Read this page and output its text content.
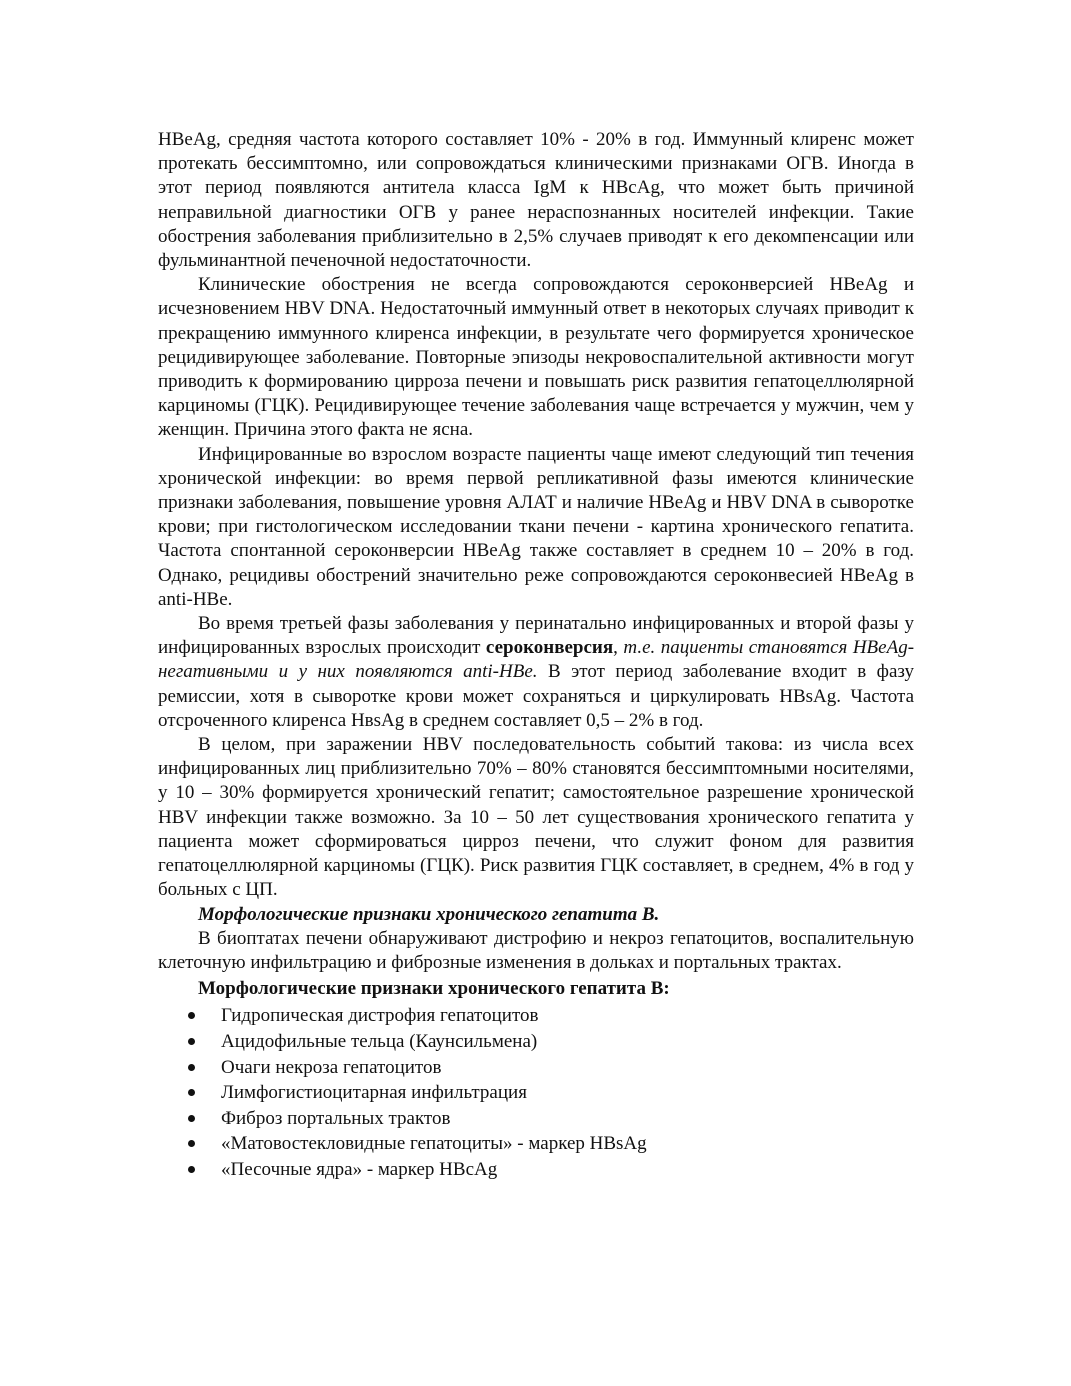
HBeAg, средняя частота которого составляет 10% - 20% в год. Иммунный клиренс может протекать бессимптомно, или сопровождаться клиническими признаками ОГВ. Иногда в этот период появляются антитела класса IgM к HBcAg, что может быть причиной неправильной диагностики ОГВ у ранее нераспознанных носителей инфекции. Такие обострения заболевания приблизительно в 2,5% случаев приводят к его декомпенсации или фульминантной печеночной недостаточности.

Клинические обострения не всегда сопровождаются сероконверсией HBeAg и исчезновением HBV DNA. Недостаточный иммунный ответ в некоторых случаях приводит к прекращению иммунного клиренса инфекции, в результате чего формируется хроническое рецидивирующее заболевание. Повторные эпизоды некровоспалительной активности могут приводить к формированию цирроза печени и повышать риск развития гепатоцеллюлярной карциномы (ГЦК). Рецидивирующее течение заболевания чаще встречается у мужчин, чем у женщин. Причина этого факта не ясна.

Инфицированные во взрослом возрасте пациенты чаще имеют следующий тип течения хронической инфекции: во время первой репликативной фазы имеются клинические признаки заболевания, повышение уровня АЛАТ и наличие HBeAg и HBV DNA в сыворотке крови; при гистологическом исследовании ткани печени - картина хронического гепатита. Частота спонтанной сероконверсии HBeAg также составляет в среднем 10 – 20% в год. Однако, рецидивы обострений значительно реже сопровождаются сероконвесией HBeAg в anti-HBe.

Во время третьей фазы заболевания у перинатально инфицированных и второй фазы у инфицированных взрослых происходит сероконверсия, т.е. пациенты становятся HBeAg-негативными и у них появляются anti-HBe. В этот период заболевание входит в фазу ремиссии, хотя в сыворотке крови может сохраняться и циркулировать HBsAg. Частота отсроченного клиренса HвsAg в среднем составляет 0,5 – 2% в год.

В целом, при заражении HBV последовательность событий такова: из числа всех инфицированных лиц приблизительно 70% – 80% становятся бессимптомными носителями, у 10 – 30% формируется хронический гепатит; самостоятельное разрешение хронической HBV инфекции также возможно. За 10 – 50 лет существования хронического гепатита у пациента может сформироваться цирроз печени, что служит фоном для развития гепатоцеллюлярной карциномы (ГЦК). Риск развития ГЦК составляет, в среднем, 4% в год у больных с ЦП.

Морфологические признаки хронического гепатита В.

В биоптатах печени обнаруживают дистрофию и некроз гепатоцитов, воспалительную клеточную инфильтрацию и фиброзные изменения в дольках и портальных трактах.

Морфологические признаки хронического гепатита В:

Гидропическая дистрофия гепатоцитов
Ацидофильные тельца (Каунсильмена)
Очаги некроза гепатоцитов
Лимфогистиоцитарная инфильтрация
Фиброз портальных трактов
«Матовостекловидные гепатоциты» - маркер HBsAg
«Песочные ядра» - маркер HBcAg
